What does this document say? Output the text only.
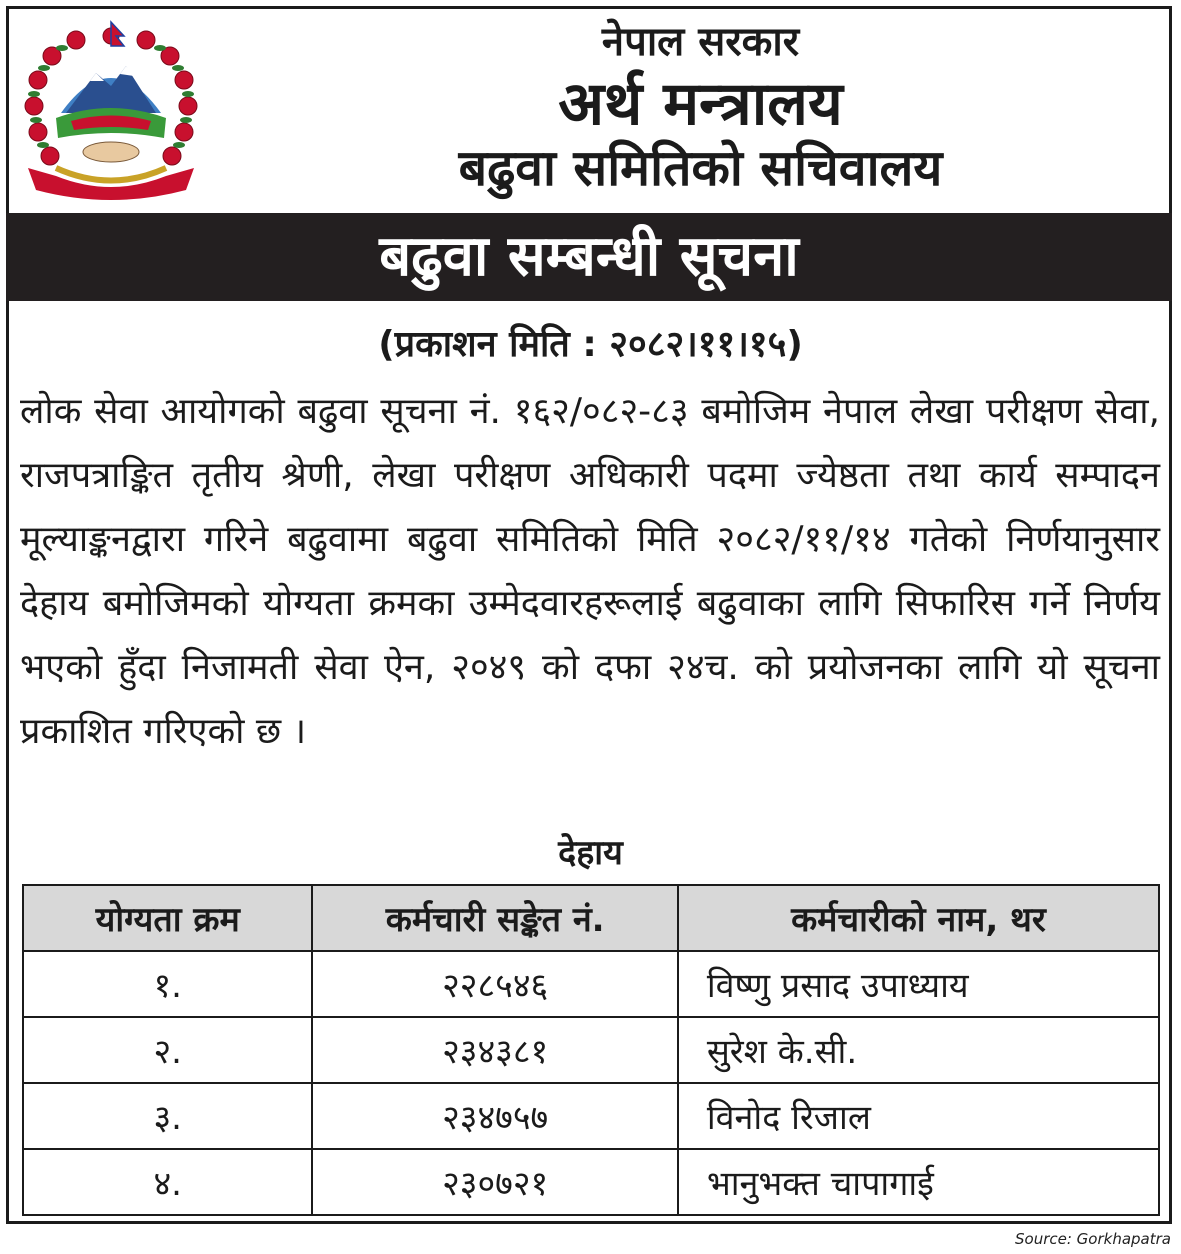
नेपाल सरकार
अर्थ मन्त्रालय
बढुवा समितिको सचिवालय
बढुवा सम्बन्धी सूचना
(प्रकाशन मिति : २०८२।११।१५)

लोक सेवा आयोगको बढुवा सूचना नं. १६२/०८२-८३ बमोजिम नेपाल लेखा परीक्षण सेवा, राजपत्राङ्कित तृतीय श्रेणी, लेखा परीक्षण अधिकारी पदमा ज्येष्ठता तथा कार्य सम्पादन मूल्याङ्कनद्वारा गरिने बढुवामा बढुवा समितिको मिति २०८२/११/१४ गतेको निर्णयानुसार देहाय बमोजिमको योग्यता क्रमका उम्मेदवारहरूलाई बढुवाका लागि सिफारिस गर्ने निर्णय भएको हुँदा निजामती सेवा ऐन, २०४९ को दफा २४च. को प्रयोजनका लागि यो सूचना प्रकाशित गरिएको छ ।

देहाय
योग्यता क्रम	कर्मचारी सङ्केत नं.	कर्मचारीको नाम, थर
१.	२२८५४६	विष्णु प्रसाद उपाध्याय
२.	२३४३८१	सुरेश के.सी.
३.	२३४७५७	विनोद रिजाल
४.	२३०७२१	भानुभक्त चापागाई
Source: Gorkhapatra
